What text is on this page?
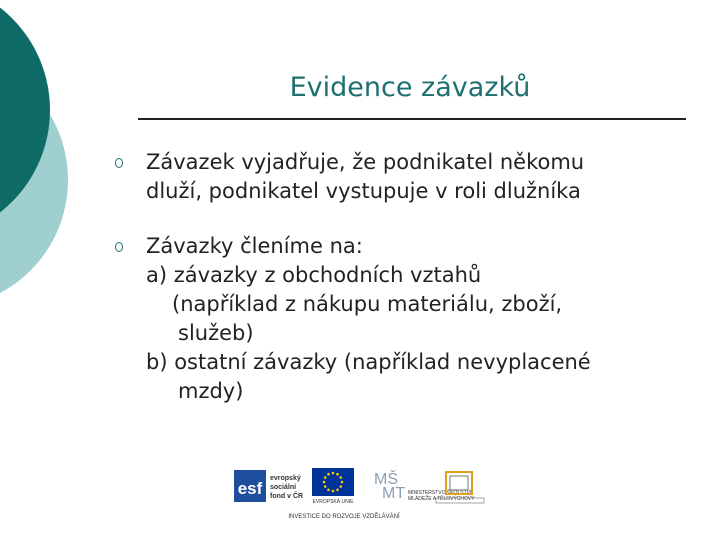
Evidence závazků
Závazek vyjadřuje, že podnikatel někomu
dluží, podnikatel vystupuje v roli dlužníka
Závazky členíme na:
a) závazky z obchodních vztahů
(například z nákupu materiálu, zboží,
služeb)
b) ostatní závazky (například nevyplacené
mzdy)
esf
evropský
sociální
fond v ČR
EVROPSKÁ UNIE
MŠ
MT MINISTERSTVO ŠKOLSTVÍ,
MLÁDEŽE A TĚLOVÝCHOVY
INVESTICE DO ROZVOJE VZDĚLÁVÁNÍ
